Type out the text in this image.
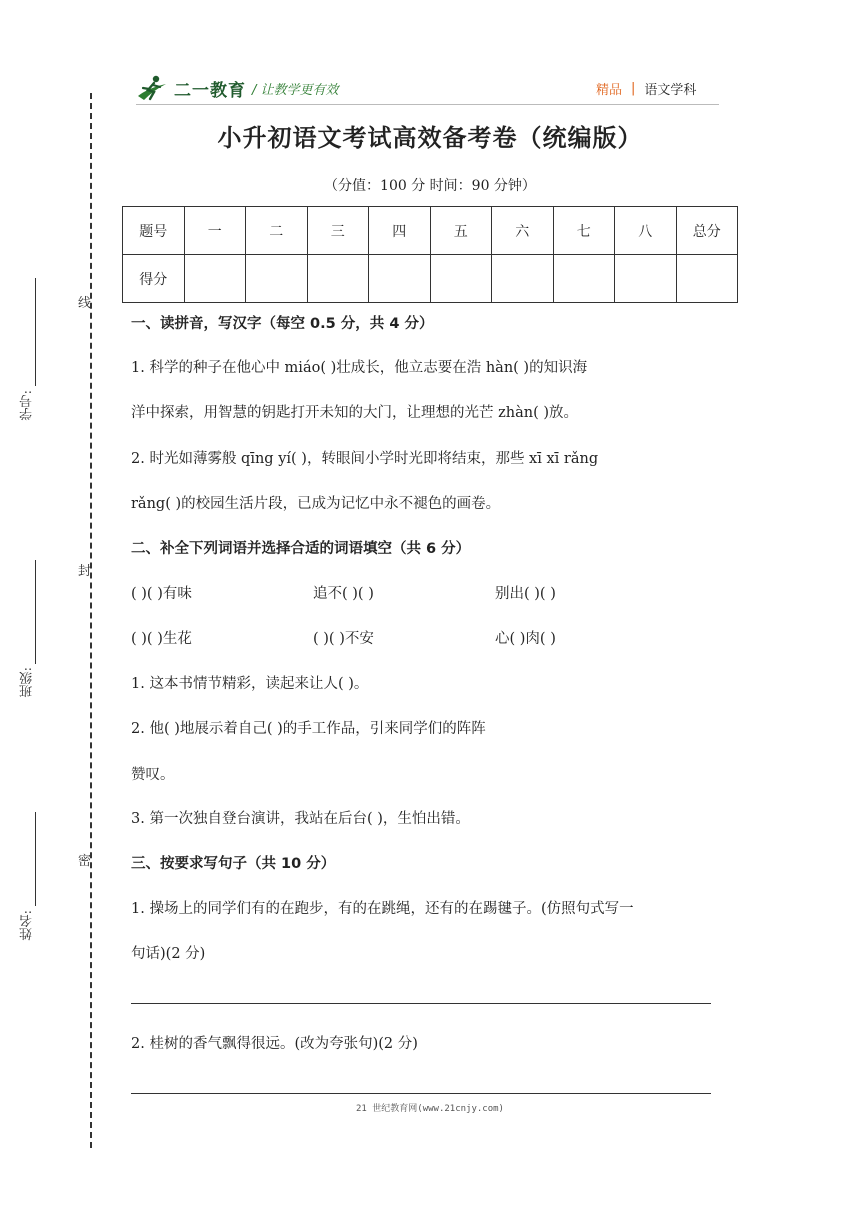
线
封
密
学号:
班级:
姓名:
二一教育 / 让教学更有效	精品 | 语文学科
小升初语文考试高效备考卷（统编版）
（分值：100 分 时间：90 分钟）
题号	一	二	三	四	五	六	七	八	总分
得分									
一、读拼音，写汉字（每空 0.5 分，共 4 分）
1. 科学的种子在他心中 miáo( )壮成长，他立志要在浩 hàn( )的知识海
洋中探索，用智慧的钥匙打开未知的大门，让理想的光芒 zhàn( )放。
2. 时光如薄雾般 qīng yí( )，转眼间小学时光即将结束，那些 xī xī rǎng
rǎng( )的校园生活片段，已成为记忆中永不褪色的画卷。
二、补全下列词语并选择合适的词语填空（共 6 分）
( )( )有味	追不( )( )	别出( )( )
( )( )生花	( )( )不安	心( )肉( )
1. 这本书情节精彩，读起来让人( )。
2. 他( )地展示着自己( )的手工作品，引来同学们的阵阵
赞叹。
3. 第一次独自登台演讲，我站在后台( )，生怕出错。
三、按要求写句子（共 10 分）
1. 操场上的同学们有的在跑步，有的在跳绳，还有的在踢毽子。(仿照句式写一
句话)(2 分)
2. 桂树的香气飘得很远。(改为夸张句)(2 分)
21 世纪教育网(www.21cnjy.com)
